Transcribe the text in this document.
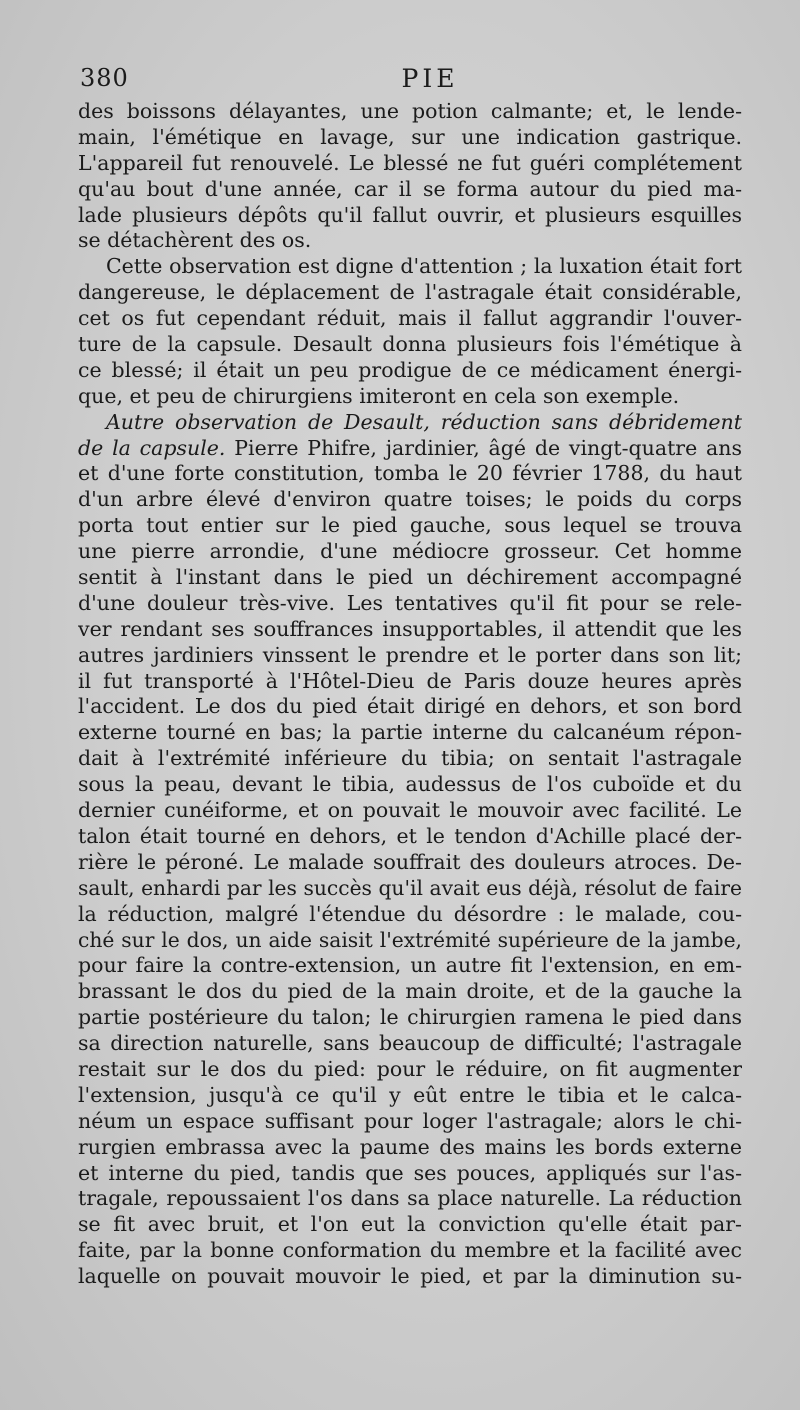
380	PIE
des boissons délayantes, une potion calmante; et, le lende-
main, l'émétique en lavage, sur une indication gastrique.
L'appareil fut renouvelé. Le blessé ne fut guéri complétement
qu'au bout d'une année, car il se forma autour du pied ma-
lade plusieurs dépôts qu'il fallut ouvrir, et plusieurs esquilles
se détachèrent des os.
Cette observation est digne d'attention ; la luxation était fort
dangereuse, le déplacement de l'astragale était considérable,
cet os fut cependant réduit, mais il fallut aggrandir l'ouver-
ture de la capsule. Desault donna plusieurs fois l'émétique à
ce blessé; il était un peu prodigue de ce médicament énergi-
que, et peu de chirurgiens imiteront en cela son exemple.
Autre observation de Desault, réduction sans débridement
de la capsule. Pierre Phifre, jardinier, âgé de vingt-quatre ans
et d'une forte constitution, tomba le 20 février 1788, du haut
d'un arbre élevé d'environ quatre toises; le poids du corps
porta tout entier sur le pied gauche, sous lequel se trouva
une pierre arrondie, d'une médiocre grosseur. Cet homme
sentit à l'instant dans le pied un déchirement accompagné
d'une douleur très-vive. Les tentatives qu'il fit pour se rele-
ver rendant ses souffrances insupportables, il attendit que les
autres jardiniers vinssent le prendre et le porter dans son lit;
il fut transporté à l'Hôtel-Dieu de Paris douze heures après
l'accident. Le dos du pied était dirigé en dehors, et son bord
externe tourné en bas; la partie interne du calcanéum répon-
dait à l'extrémité inférieure du tibia; on sentait l'astragale
sous la peau, devant le tibia, audessus de l'os cuboïde et du
dernier cunéiforme, et on pouvait le mouvoir avec facilité. Le
talon était tourné en dehors, et le tendon d'Achille placé der-
rière le péroné. Le malade souffrait des douleurs atroces. De-
sault, enhardi par les succès qu'il avait eus déjà, résolut de faire
la réduction, malgré l'étendue du désordre : le malade, cou-
ché sur le dos, un aide saisit l'extrémité supérieure de la jambe,
pour faire la contre-extension, un autre fit l'extension, en em-
brassant le dos du pied de la main droite, et de la gauche la
partie postérieure du talon; le chirurgien ramena le pied dans
sa direction naturelle, sans beaucoup de difficulté; l'astragale
restait sur le dos du pied: pour le réduire, on fit augmenter
l'extension, jusqu'à ce qu'il y eût entre le tibia et le calca-
néum un espace suffisant pour loger l'astragale; alors le chi-
rurgien embrassa avec la paume des mains les bords externe
et interne du pied, tandis que ses pouces, appliqués sur l'as-
tragale, repoussaient l'os dans sa place naturelle. La réduction
se fit avec bruit, et l'on eut la conviction qu'elle était par-
faite, par la bonne conformation du membre et la facilité avec
laquelle on pouvait mouvoir le pied, et par la diminution su-
